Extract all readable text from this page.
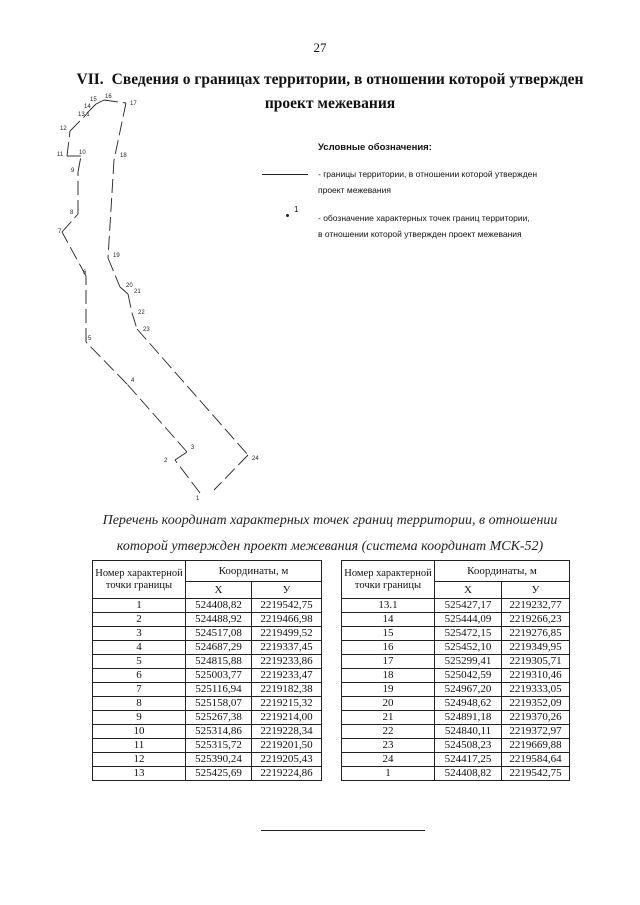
27
VII. Сведения о границах территории, в отношении которой утвержден
проект межевания
1
2
3
4
5
6
7
8
9
10
11
12
13.1
14
15 16
17
18
19
20
21
22
23
24
Условные обозначения:
- границы территории, в отношении которой утвержден
проект межевания
1
- обозначение характерных точек границ территории,
в отношении которой утвержден проект межевания
Перечень координат характерных точек границ территории, в отношении
которой утвержден проект межевания (система координат МСК-52)
Номер характерной точки границы	Координаты, м	
	X	У
1	524408,82	2219542,75
2	524488,92	2219466,98
3	524517,08	2219499,52
4	524687,29	2219337,45
5	524815,88	2219233,86
6	525003,77	2219233,47
7	525116,94	2219182,38
8	525158,07	2219215,32
9	525267,38	2219214,00
10	525314,86	2219228,34
11	525315,72	2219201,50
12	525390,24	2219205,43
13	525425,69	2219224,86
Номер характерной точки границы	Координаты, м	
	X	У
13.1	525427,17	2219232,77
14	525444,09	2219266,23
15	525472,15	2219276,85
16	525452,10	2219349,95
17	525299,41	2219305,71
18	525042,59	2219310,46
19	524967,20	2219333,05
20	524948,62	2219352,09
21	524891,18	2219370,26
22	524840,11	2219372,97
23	524508,23	2219669,88
24	524417,25	2219584,64
1	524408,82	2219542,75
